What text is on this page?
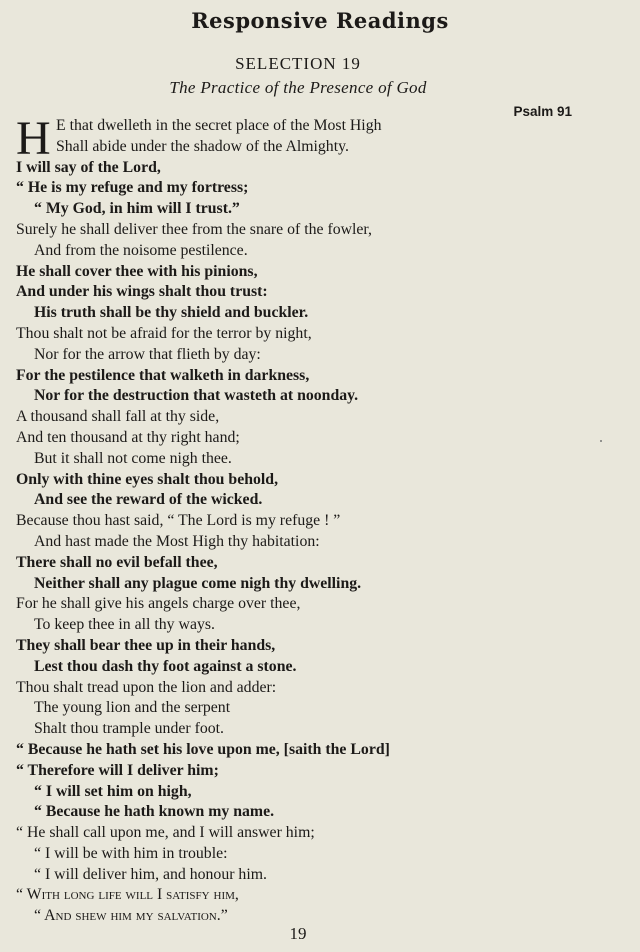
Responsive Readings
SELECTION 19
The Practice of the Presence of God
Psalm 91
H E that dwelleth in the secret place of the Most High
Shall abide under the shadow of the Almighty.
I will say of the Lord,
“ He is my refuge and my fortress;
“ My God, in him will I trust.”
Surely he shall deliver thee from the snare of the fowler,
And from the noisome pestilence.
He shall cover thee with his pinions,
And under his wings shalt thou trust:
His truth shall be thy shield and buckler.
Thou shalt not be afraid for the terror by night,
Nor for the arrow that flieth by day:
For the pestilence that walketh in darkness,
Nor for the destruction that wasteth at noonday.
A thousand shall fall at thy side,
And ten thousand at thy right hand;
But it shall not come nigh thee.
Only with thine eyes shalt thou behold,
And see the reward of the wicked.
Because thou hast said, “ The Lord is my refuge ! ”
And hast made the Most High thy habitation:
There shall no evil befall thee,
Neither shall any plague come nigh thy dwelling.
For he shall give his angels charge over thee,
To keep thee in all thy ways.
They shall bear thee up in their hands,
Lest thou dash thy foot against a stone.
Thou shalt tread upon the lion and adder:
The young lion and the serpent
Shalt thou trample under foot.
“ Because he hath set his love upon me, [saith the Lord]
“ Therefore will I deliver him;
“ I will set him on high,
“ Because he hath known my name.
“ He shall call upon me, and I will answer him;
“ I will be with him in trouble:
“ I will deliver him, and honour him.
“ With long life will I satisfy him,
“ And shew him my salvation.”
19
